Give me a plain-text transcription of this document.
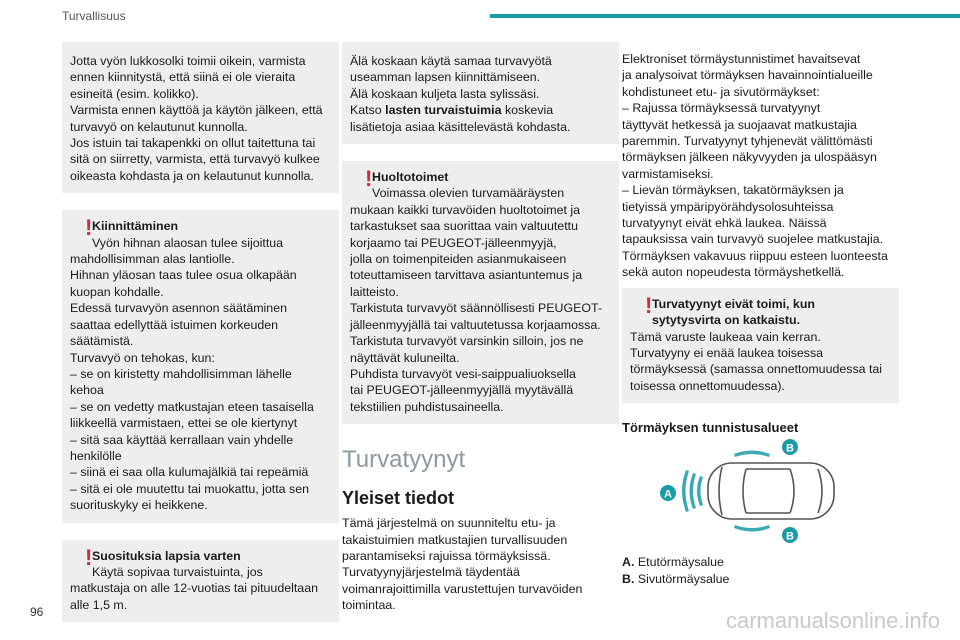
Turvallisuus

Jotta vyön lukkosolki toimii oikein, varmista

ennen kiinnitystä, että siinä ei ole vieraita

esineitä (esim. kolikko).

Varmista ennen käyttöä ja käytön jälkeen, että

turvavyö on kelautunut kunnolla.

Jos istuin tai takapenkki on ollut taitettuna tai

sitä on siirretty, varmista, että turvavyö kulkee

oikeasta kohdasta ja on kelautunut kunnolla.

! Kiinnittäminen
Vyön hihnan alaosan tulee sijoittua

mahdollisimman alas lantiolle.

Hihnan yläosan taas tulee osua olkapään

kuopan kohdalle.

Edessä turvavyön asennon säätäminen

saattaa edellyttää istuimen korkeuden

säätämistä.

Turvavyö on tehokas, kun:

– se on kiristetty mahdollisimman lähelle

kehoa

– se on vedetty matkustajan eteen tasaisella

liikkeellä varmistaen, ettei se ole kiertynyt

– sitä saa käyttää kerrallaan vain yhdelle

henkilölle

– siinä ei saa olla kulumajälkiä tai repeämiä

– sitä ei ole muutettu tai muokattu, jotta sen

suorituskyky ei heikkene.

! Suosituksia lapsia varten
Käytä sopivaa turvaistuinta, jos

matkustaja on alle 12-vuotias tai pituudeltaan

alle 1,5 m.

Älä koskaan käytä samaa turvavyötä

useamman lapsen kiinnittämiseen.

Älä koskaan kuljeta lasta sylissäsi.

Katso lasten turvaistuimia koskevia

lisätietoja asiaa käsittelevästä kohdasta.

! Huoltotoimet
Voimassa olevien turvamääräysten

mukaan kaikki turvavöiden huoltotoimet ja

tarkastukset saa suorittaa vain valtuutettu

korjaamo tai PEUGEOT-jälleenmyyjä,

jolla on toimenpiteiden asianmukaiseen

toteuttamiseen tarvittava asiantuntemus ja

laitteisto.

Tarkistuta turvavyöt säännöllisesti PEUGEOT-

jälleenmyyjällä tai valtuutetussa korjaamossa.

Tarkistuta turvavyöt varsinkin silloin, jos ne

näyttävät kuluneilta.

Puhdista turvavyöt vesi-saippualiuoksella

tai PEUGEOT-jälleenmyyjällä myytävällä

tekstiilien puhdistusaineella.

Turvatyynyt
Yleiset tiedot

Tämä järjestelmä on suunniteltu etu- ja

takaistuimien matkustajien turvallisuuden

parantamiseksi rajuissa törmäyksissä.

Turvatyynyjärjestelmä täydentää

voimanrajoittimilla varustettujen turvavöiden

toimintaa.

Elektroniset törmäystunnistimet havaitsevat

ja analysoivat törmäyksen havainnointialueille

kohdistuneet etu- ja sivutörmäykset:

– Rajussa törmäyksessä turvatyynyt

täyttyvät hetkessä ja suojaavat matkustajia

paremmin. Turvatyynyt tyhjenevät välittömästi

törmäyksen jälkeen näkyvyyden ja ulospääsyn

varmistamiseksi.

– Lievän törmäyksen, takatörmäyksen ja

tietyissä ympäripyörähdysolosuhteissa

turvatyynyt eivät ehkä laukea. Näissä

tapauksissa vain turvavyö suojelee matkustajia.

Törmäyksen vakavuus riippuu esteen luonteesta

sekä auton nopeudesta törmäyshetkellä.

! Turvatyynyt eivät toimi, kun
sytytysvirta on katkaistu.

Tämä varuste laukeaa vain kerran.

Turvatyyny ei enää laukea toisessa

törmäyksessä (samassa onnettomuudessa tai

toisessa onnettomuudessa).

Törmäyksen tunnistusalueet
A
B
B

A. Etutörmäysalue

B. Sivutörmäysalue

96	carmanualsonline.info
